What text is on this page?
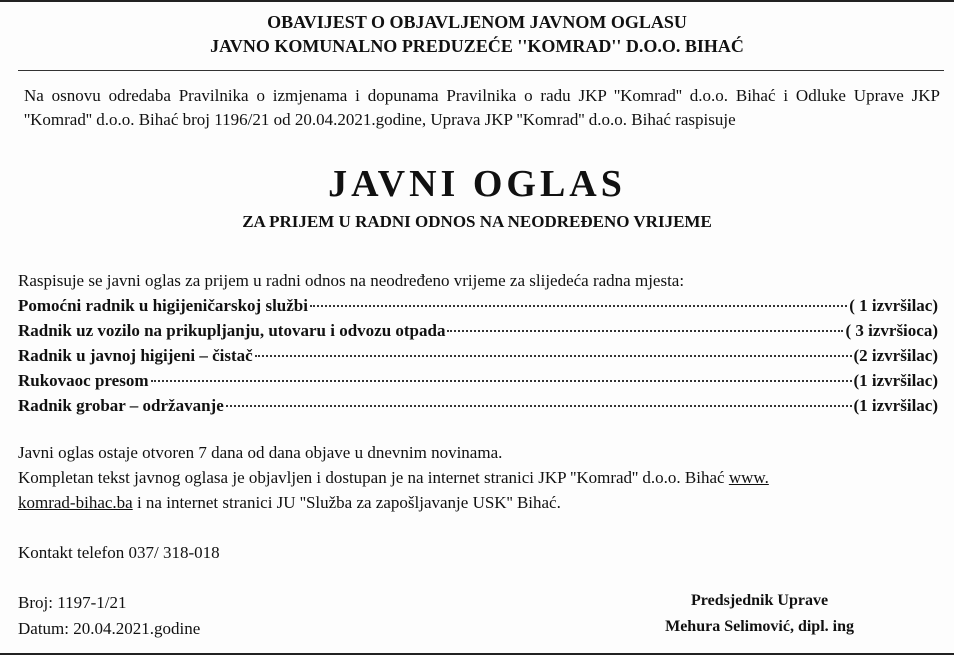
OBAVIJEST O OBJAVLJENOM JAVNOM OGLASU
JAVNO KOMUNALNO PREDUZEĆE ''KOMRAD'' D.O.O. BIHAĆ
Na osnovu odredaba Pravilnika o izmjenama i dopunama Pravilnika o radu JKP ''Komrad'' d.o.o. Bihać i Odluke Uprave JKP ''Komrad'' d.o.o. Bihać broj 1196/21 od 20.04.2021.godine, Uprava JKP ''Komrad'' d.o.o. Bihać raspisuje
JAVNI OGLAS
ZA PRIJEM U RADNI ODNOS NA NEODREĐENO VRIJEME
Raspisuje se javni oglas za prijem u radni odnos na neodređeno vrijeme za slijedeća radna mjesta:
Pomoćni radnik u higijeničarskoj službi	( 1 izvršilac)
Radnik uz vozilo na prikupljanju, utovaru i odvozu otpada	( 3 izvršioca)
Radnik u javnoj higijeni – čistač	(2 izvršilac)
Rukovaoc presom	(1 izvršilac)
Radnik grobar – održavanje	(1 izvršilac)
Javni oglas ostaje otvoren 7 dana od dana objave u dnevnim novinama.
Kompletan tekst javnog oglasa je objavljen i dostupan je na internet stranici JKP ''Komrad'' d.o.o. Bihać www.
komrad-bihac.ba i na internet stranici JU ''Služba za zapošljavanje USK'' Bihać.
Kontakt telefon 037/ 318-018
Broj: 1197-1/21
Datum: 20.04.2021.godine
Predsjednik Uprave
Mehura Selimović, dipl. ing
